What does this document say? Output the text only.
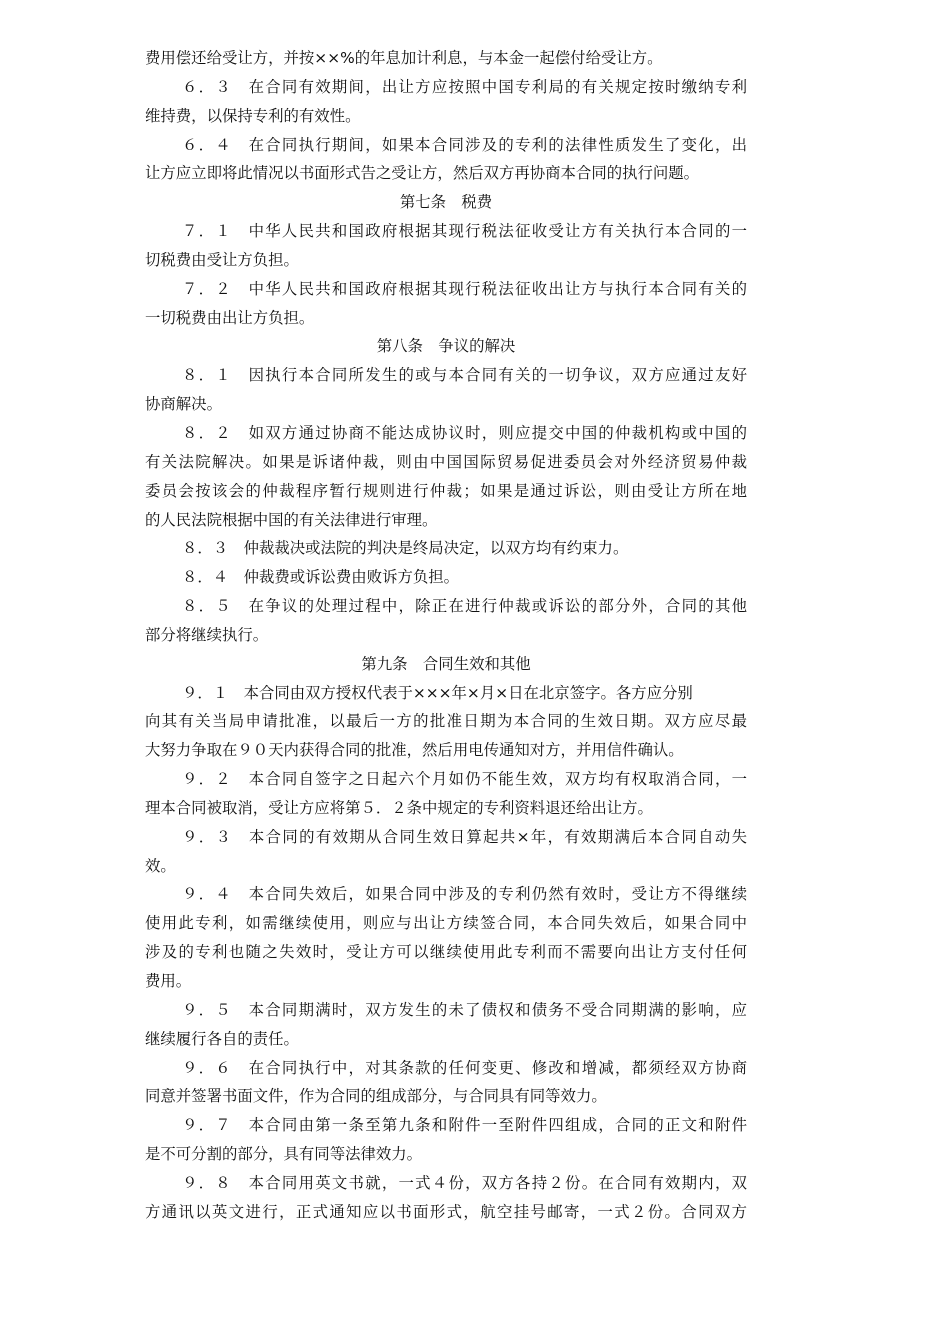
费用偿还给受让方，并按××%的年息加计利息，与本金一起偿付给受让方。
６．３　在合同有效期间，出让方应按照中国专利局的有关规定按时缴纳专利
维持费，以保持专利的有效性。
６．４　在合同执行期间，如果本合同涉及的专利的法律性质发生了变化，出
让方应立即将此情况以书面形式告之受让方，然后双方再协商本合同的执行问题。
第七条　税费
７．１　中华人民共和国政府根据其现行税法征收受让方有关执行本合同的一
切税费由受让方负担。
７．２　中华人民共和国政府根据其现行税法征收出让方与执行本合同有关的
一切税费由出让方负担。
第八条　争议的解决
８．１　因执行本合同所发生的或与本合同有关的一切争议，双方应通过友好
协商解决。
８．２　如双方通过协商不能达成协议时，则应提交中国的仲裁机构或中国的
有关法院解决。如果是诉诸仲裁，则由中国国际贸易促进委员会对外经济贸易仲裁
委员会按该会的仲裁程序暂行规则进行仲裁；如果是通过诉讼，则由受让方所在地
的人民法院根据中国的有关法律进行审理。
８．３　仲裁裁决或法院的判决是终局决定，以双方均有约束力。
８．４　仲裁费或诉讼费由败诉方负担。
８．５　在争议的处理过程中，除正在进行仲裁或诉讼的部分外，合同的其他
部分将继续执行。
第九条　合同生效和其他
９．１　本合同由双方授权代表于×××年×月×日在北京签字。各方应分别
向其有关当局申请批准，以最后一方的批准日期为本合同的生效日期。双方应尽最
大努力争取在９０天内获得合同的批准，然后用电传通知对方，并用信件确认。
９．２　本合同自签字之日起六个月如仍不能生效，双方均有权取消合同，一
理本合同被取消，受让方应将第５．２条中规定的专利资料退还给出让方。
９．３　本合同的有效期从合同生效日算起共×年，有效期满后本合同自动失
效。
９．４　本合同失效后，如果合同中涉及的专利仍然有效时，受让方不得继续
使用此专利，如需继续使用，则应与出让方续签合同，本合同失效后，如果合同中
涉及的专利也随之失效时，受让方可以继续使用此专利而不需要向出让方支付任何
费用。
９．５　本合同期满时，双方发生的未了债权和债务不受合同期满的影响，应
继续履行各自的责任。
９．６　在合同执行中，对其条款的任何变更、修改和增减，都须经双方协商
同意并签署书面文件，作为合同的组成部分，与合同具有同等效力。
９．７　本合同由第一条至第九条和附件一至附件四组成，合同的正文和附件
是不可分割的部分，具有同等法律效力。
９．８　本合同用英文书就，一式４份，双方各持２份。在合同有效期内，双
方通讯以英文进行，正式通知应以书面形式，航空挂号邮寄，一式２份。合同双方
